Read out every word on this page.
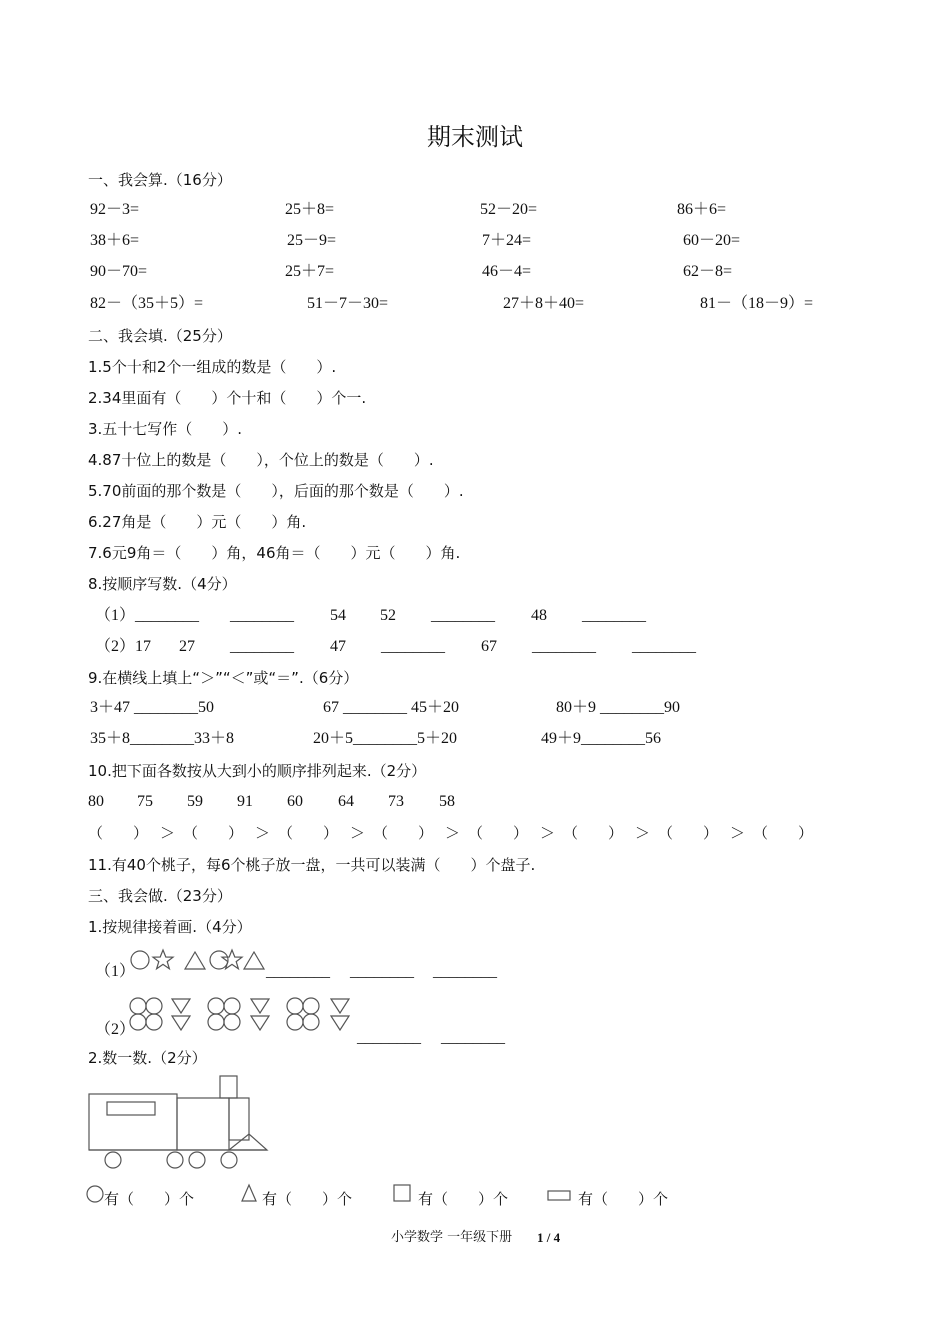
期末测试
一、我会算.（16分）
92－3=	25＋8=	52－20=	86＋6=
38＋6=	25－9=	7＋24=	60－20=
90－70=	25＋7=	46－4=	62－8=
82－（35＋5）=	51－7－30=	27＋8＋40=	81－（18－9）=
二、我会填.（25分）
1.5个十和2个一组成的数是（　　）.
2.34里面有（　　）个十和（　　）个一.
3.五十七写作（　　）.
4.87十位上的数是（　　），个位上的数是（　　）.
5.70前面的那个数是（　　），后面的那个数是（　　）.
6.27角是（　　）元（　　）角.
7.6元9角＝（　　）角，46角＝（　　）元（　　）角.
8.按顺序写数.（4分）
（1）________ ________ 54 52 ________ 48 ________
（2）17 27 ________ 47 ________ 67 ________ ________
9.在横线上填上“＞”“＜”或“＝”.（6分）
3＋47 ________50	67 ________ 45＋20	80＋9 ________90
35＋8________33＋8	20＋5________5＋20	49＋9________56
10.把下面各数按从大到小的顺序排列起来.（2分）
80 75 59 91 60 64 73 58
（　　） ＞ （　　） ＞ （　　） ＞ （　　） ＞ （　　） ＞ （　　） ＞ （　　） ＞ （　　）
11.有40个桃子，每6个桃子放一盘，一共可以装满（　　）个盘子.
三、我会做.（23分）
1.按规律接着画.（4分）
（1）	________ ________ ________
（2）	________ ________
2.数一数.（2分）
有（　　）个	有（　　）个	有（　　）个	有（　　）个
小学数学 一年级下册 1 / 4
